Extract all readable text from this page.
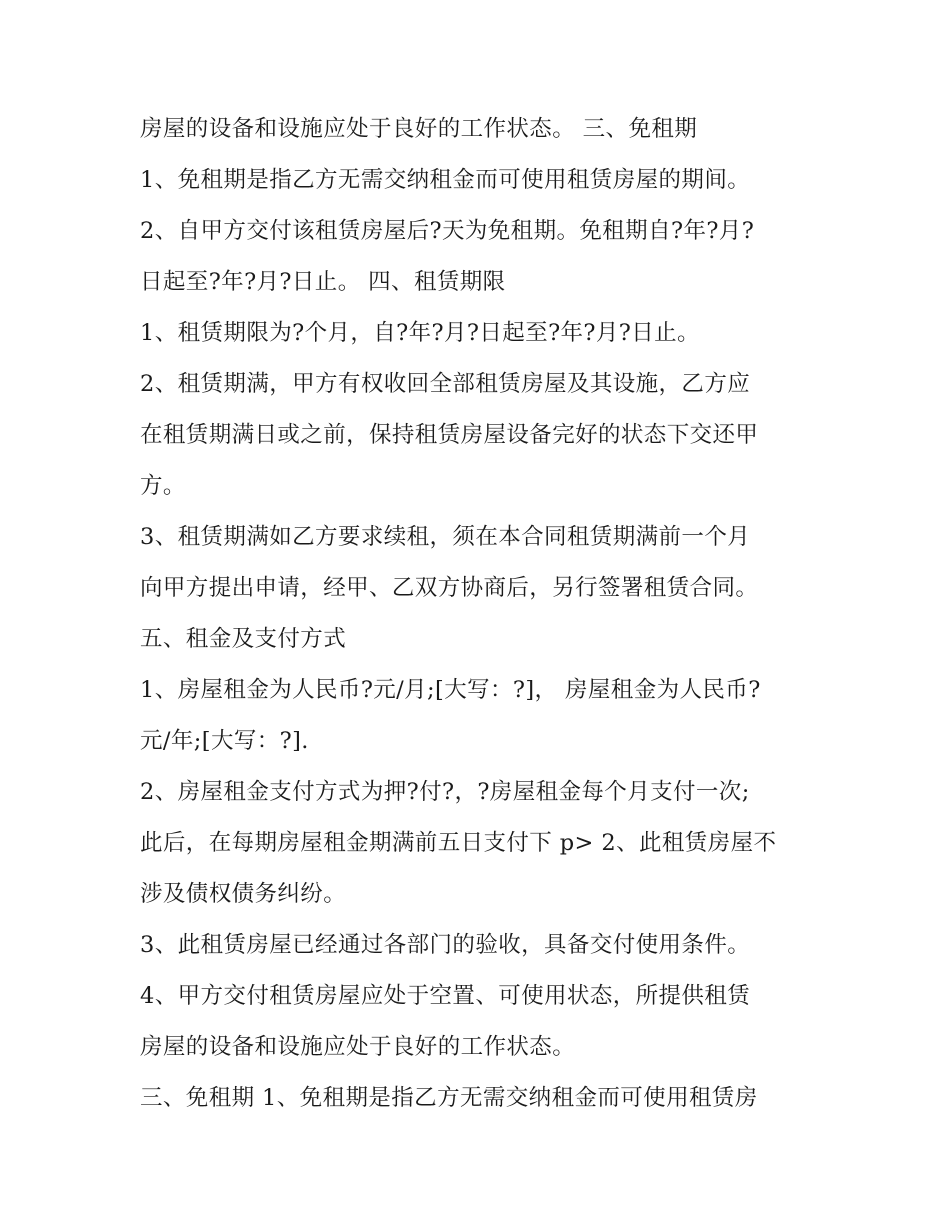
房屋的设备和设施应处于良好的工作状态。 三、免租期
1、免租期是指乙方无需交纳租金而可使用租赁房屋的期间。
2、自甲方交付该租赁房屋后?天为免租期。免租期自?年?月?
日起至?年?月?日止。 四、租赁期限
1、租赁期限为?个月，自?年?月?日起至?年?月?日止。
2、租赁期满，甲方有权收回全部租赁房屋及其设施，乙方应
在租赁期满日或之前，保持租赁房屋设备完好的状态下交还甲
方。
3、租赁期满如乙方要求续租，须在本合同租赁期满前一个月
向甲方提出申请，经甲、乙双方协商后，另行签署租赁合同。
五、租金及支付方式
1、房屋租金为人民币?元/月;[大写：?]， 房屋租金为人民币?
元/年;[大写：?].
2、房屋租金支付方式为押?付?，?房屋租金每个月支付一次;
此后，在每期房屋租金期满前五日支付下 p> 2、此租赁房屋不
涉及债权债务纠纷。
3、此租赁房屋已经通过各部门的验收，具备交付使用条件。
4、甲方交付租赁房屋应处于空置、可使用状态，所提供租赁
房屋的设备和设施应处于良好的工作状态。
三、免租期 1、免租期是指乙方无需交纳租金而可使用租赁房
